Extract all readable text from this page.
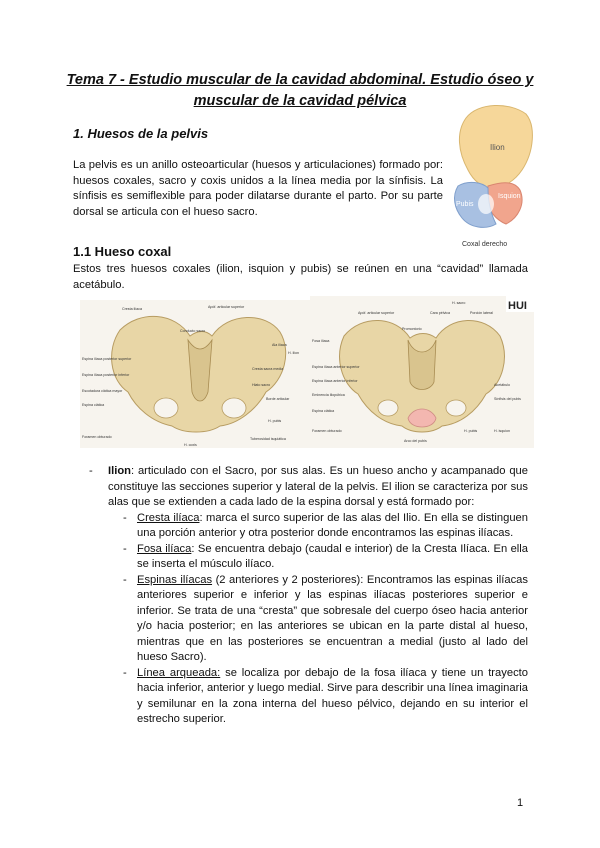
Tema 7 - Estudio muscular de la cavidad abdominal. Estudio óseo y
muscular de la cavidad pélvica
1. Huesos de la pelvis
La pelvis es un anillo osteoarticular (huesos y articulaciones) formado por: huesos coxales, sacro y coxis unidos a la línea media por la sínfisis. La sínfisis es semiflexible para poder dilatarse durante el parto. Por su parte dorsal se articula con el hueso sacro.
Ilion
Isquion
Pubis
Coxal derecho
1.1 Hueso coxal
Estos tres huesos coxales (ilion, isquion y pubis) se reúnen en una “cavidad” llamada acetábulo.
Cresta ilíaca	Apóf. articular superior
Conducto sacro
Espina ilíaca posterior superior
Espina ilíaca posterior inferior
Escotadura ciática mayor
Espina ciática
Foramen obturado
Ala ilíaca
H. ilion
Cresta sacra media
Hiato sacro
Borde articular
H. pubis
H. coxis
Tuberosidad isquiática
HUI
H. sacro
Apóf. articular superior	Cara pélvica	Porción lateral
Promontorio
Fosa ilíaca
Espina ilíaca anterior superior
Espina ilíaca anterior inferior
Eminencia iliopúbica
Espina ciática
Foramen obturado
Arco del pubis
Acetábulo
Sínfisis del pubis
H. isquion
H. pubis
- Ilion: articulado con el Sacro, por sus alas. Es un hueso ancho y acampanado que constituye las secciones superior y lateral de la pelvis. El ilion se caracteriza por sus alas que se extienden a cada lado de la espina dorsal y está formado por:
- Cresta ilíaca: marca el surco superior de las alas del Ilio. En ella se distinguen una porción anterior y otra posterior donde encontramos las espinas ilíacas.
- Fosa ilíaca: Se encuentra debajo (caudal e interior) de la Cresta Ilíaca. En ella se inserta el músculo ilíaco.
- Espinas ilíacas (2 anteriores y 2 posteriores): Encontramos las espinas ilíacas anteriores superior e inferior y las espinas ilíacas posteriores superior e inferior. Se trata de una “cresta” que sobresale del cuerpo óseo hacia anterior y/o hacia posterior; en las anteriores se ubican en la parte distal al hueso, mientras que en las posteriores se encuentran a medial (justo al lado del hueso Sacro).
- Línea arqueada: se localiza por debajo de la fosa ilíaca y tiene un trayecto hacia inferior, anterior y luego medial. Sirve para describir una línea imaginaria y semilunar en la zona interna del hueso pélvico, dejando en su interior el estrecho superior.
1
